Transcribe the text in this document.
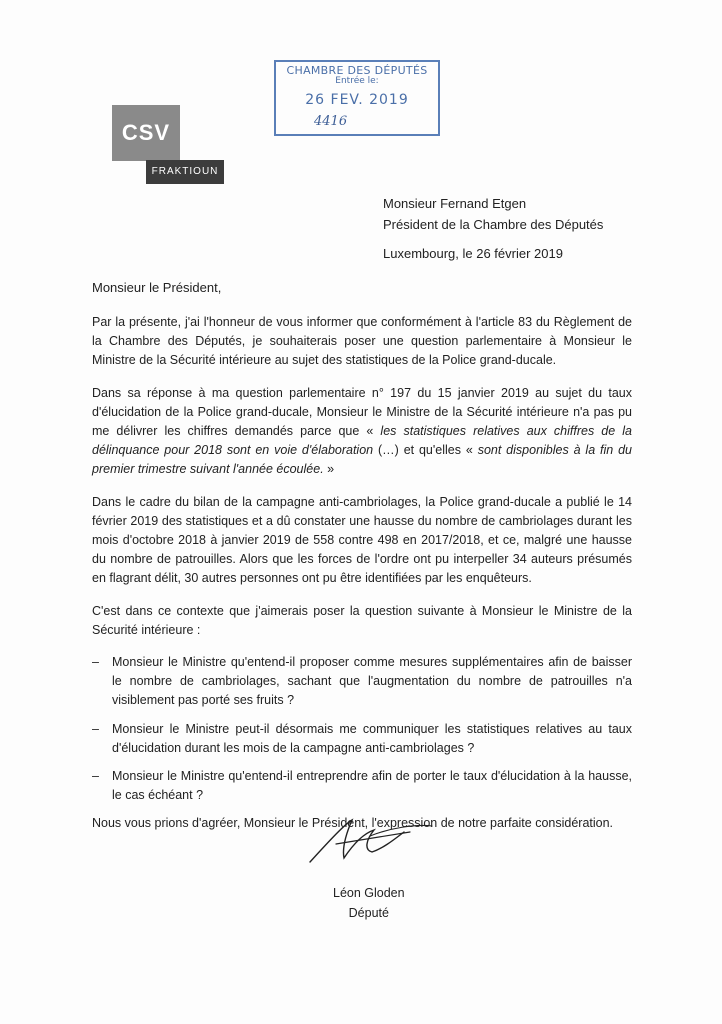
CHAMBRE DES DÉPUTÉS
Entrée le:
26 FEV. 2019
4416
CSV
FRAKTIOUN
Monsieur Fernand Etgen
Président de la Chambre des Députés
Luxembourg, le 26 février 2019
Monsieur le Président,

Par la présente, j'ai l'honneur de vous informer que conformément à l'article 83 du Règlement de la Chambre des Députés, je souhaiterais poser une question parlementaire à Monsieur le Ministre de la Sécurité intérieure au sujet des statistiques de la Police grand-ducale.

Dans sa réponse à ma question parlementaire n° 197 du 15 janvier 2019 au sujet du taux d'élucidation de la Police grand-ducale, Monsieur le Ministre de la Sécurité intérieure n'a pas pu me délivrer les chiffres demandés parce que « les statistiques relatives aux chiffres de la délinquance pour 2018 sont en voie d'élaboration (…) et qu'elles « sont disponibles à la fin du premier trimestre suivant l'année écoulée. »

Dans le cadre du bilan de la campagne anti-cambriolages, la Police grand-ducale a publié le 14 février 2019 des statistiques et a dû constater une hausse du nombre de cambriolages durant les mois d'octobre 2018 à janvier 2019 de 558 contre 498 en 2017/2018, et ce, malgré une hausse du nombre de patrouilles. Alors que les forces de l'ordre ont pu interpeller 34 auteurs présumés en flagrant délit, 30 autres personnes ont pu être identifiées par les enquêteurs.

C'est dans ce contexte que j'aimerais poser la question suivante à Monsieur le Ministre de la Sécurité intérieure :

– Monsieur le Ministre qu'entend-il proposer comme mesures supplémentaires afin de baisser le nombre de cambriolages, sachant que l'augmentation du nombre de patrouilles n'a visiblement pas porté ses fruits ?
– Monsieur le Ministre peut-il désormais me communiquer les statistiques relatives au taux d'élucidation durant les mois de la campagne anti-cambriolages ?
– Monsieur le Ministre qu'entend-il entreprendre afin de porter le taux d'élucidation à la hausse, le cas échéant ?

Nous vous prions d'agréer, Monsieur le Président, l'expression de notre parfaite considération.

Léon Gloden
Député
